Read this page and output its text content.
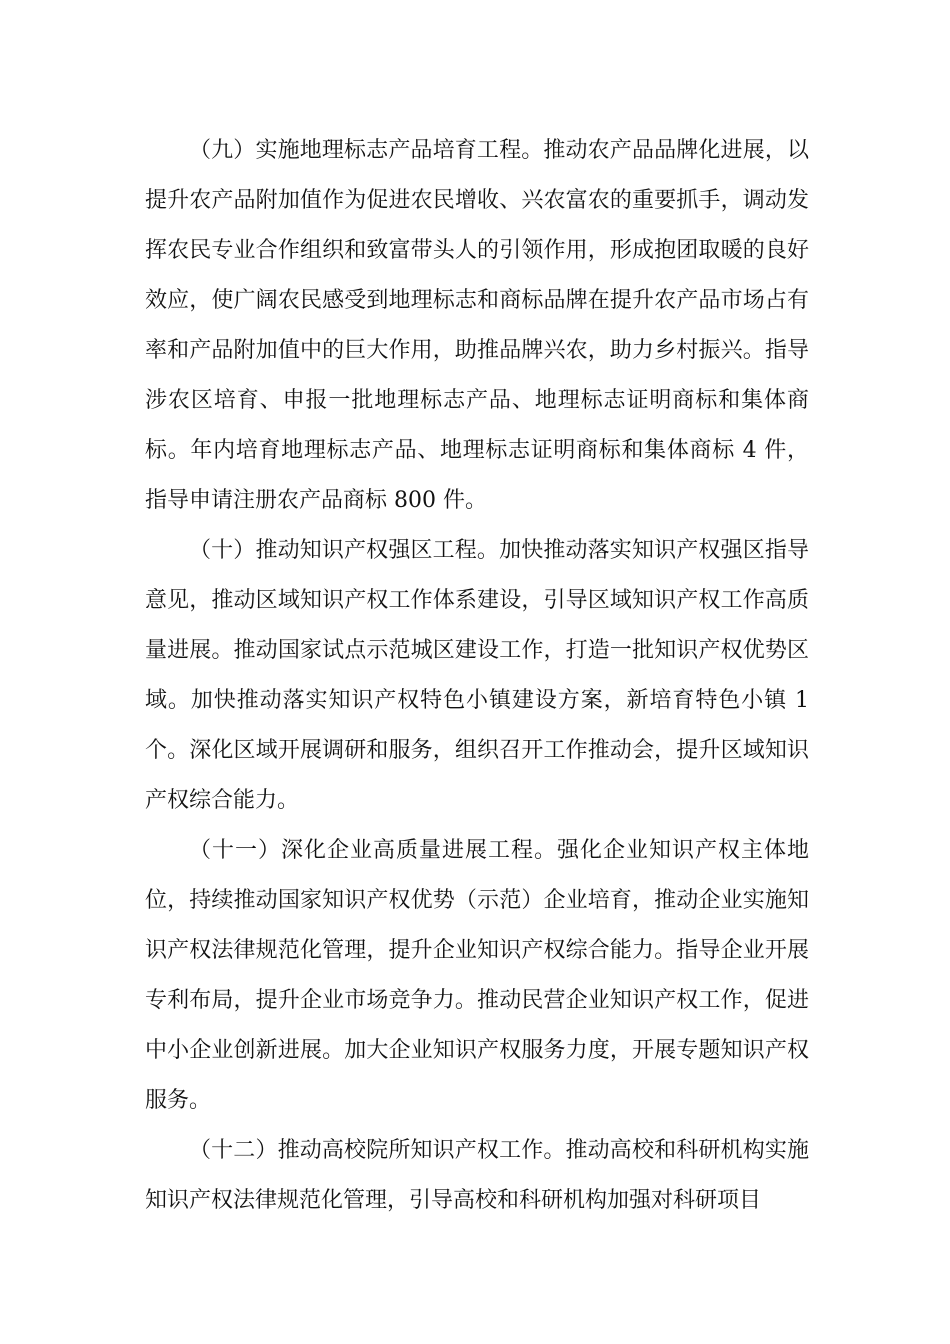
（九）实施地理标志产品培育工程。推动农产品品牌化进展，以提升农产品附加值作为促进农民增收、兴农富农的重要抓手，调动发挥农民专业合作组织和致富带头人的引领作用，形成抱团取暖的良好效应，使广阔农民感受到地理标志和商标品牌在提升农产品市场占有率和产品附加值中的巨大作用，助推品牌兴农，助力乡村振兴。指导涉农区培育、申报一批地理标志产品、地理标志证明商标和集体商标。年内培育地理标志产品、地理标志证明商标和集体商标 4 件，指导申请注册农产品商标 800 件。

（十）推动知识产权强区工程。加快推动落实知识产权强区指导意见，推动区域知识产权工作体系建设，引导区域知识产权工作高质量进展。推动国家试点示范城区建设工作，打造一批知识产权优势区域。加快推动落实知识产权特色小镇建设方案，新培育特色小镇 1 个。深化区域开展调研和服务，组织召开工作推动会，提升区域知识产权综合能力。

（十一）深化企业高质量进展工程。强化企业知识产权主体地位，持续推动国家知识产权优势（示范）企业培育，推动企业实施知识产权法律规范化管理，提升企业知识产权综合能力。指导企业开展专利布局，提升企业市场竞争力。推动民营企业知识产权工作，促进中小企业创新进展。加大企业知识产权服务力度，开展专题知识产权服务。

（十二）推动高校院所知识产权工作。推动高校和科研机构实施知识产权法律规范化管理，引导高校和科研机构加强对科研项目
